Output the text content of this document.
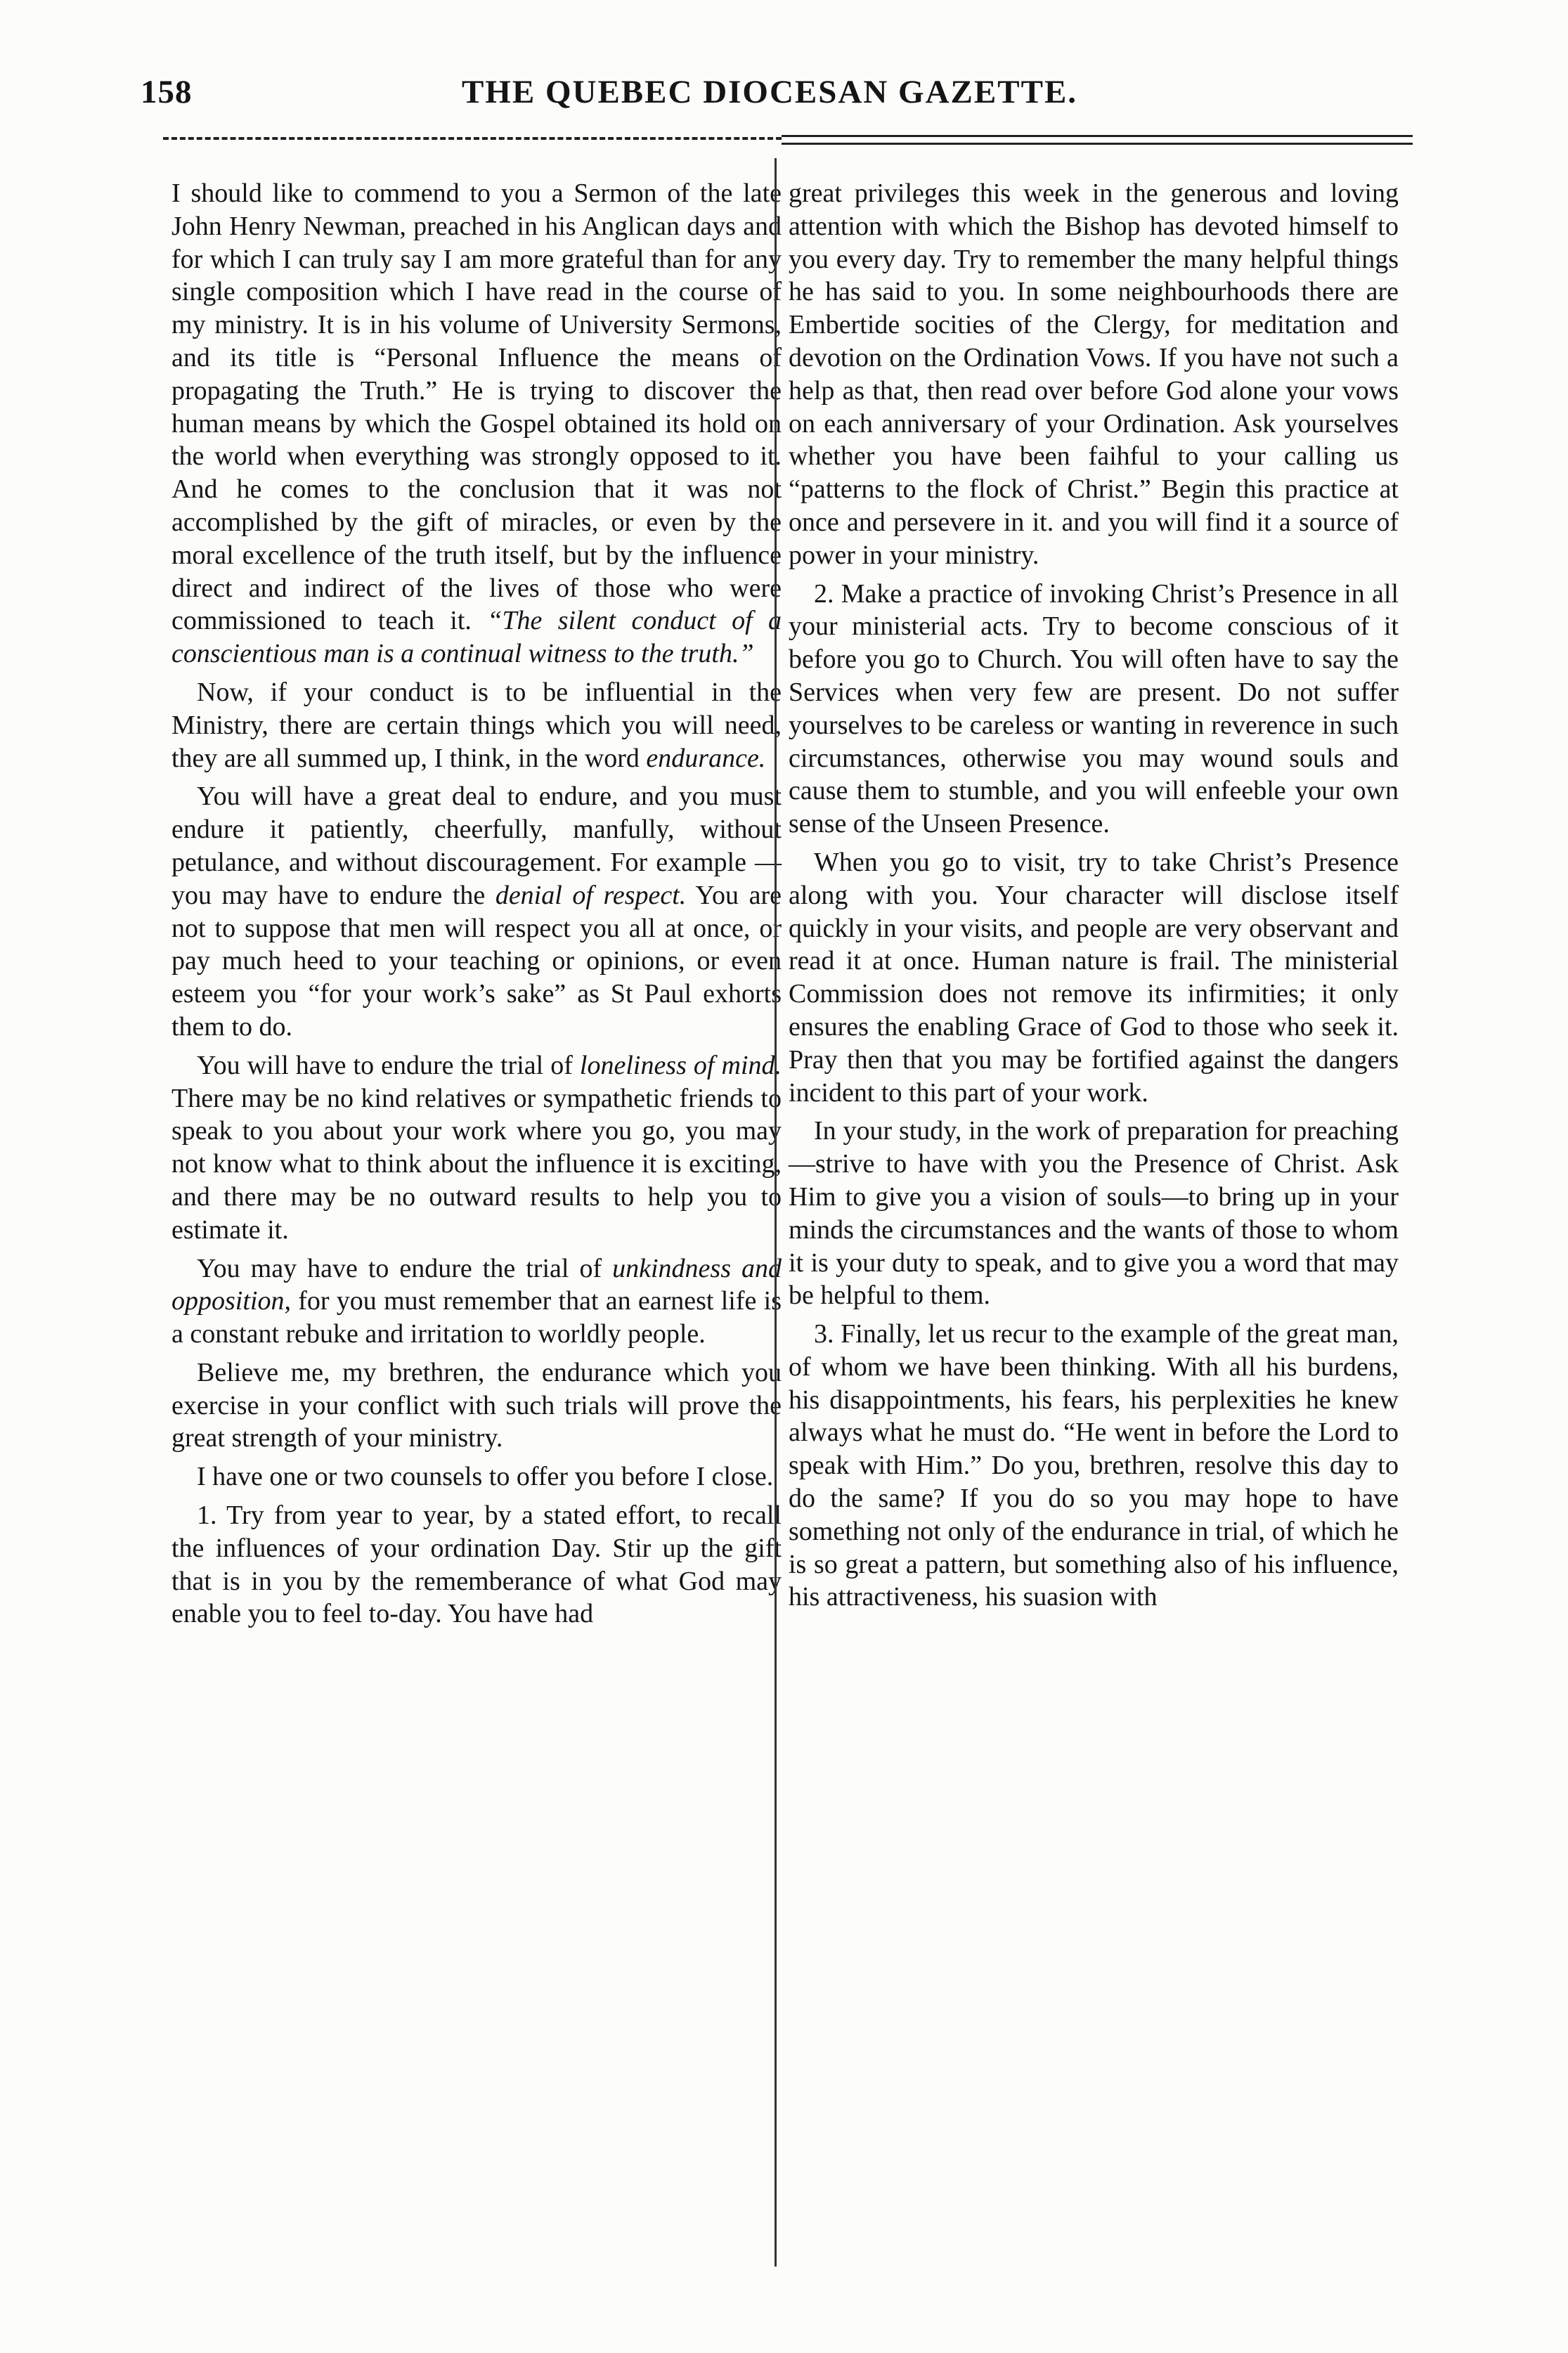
158	THE QUEBEC DIOCESAN GAZETTE.

I should like to commend to you a Sermon of the late John Henry Newman, preached in his Anglican days and for which I can truly say I am more grateful than for any single composition which I have read in the course of my ministry. It is in his volume of University Sermons, and its title is “Personal Influence the means of propagating the Truth.” He is trying to discover the human means by which the Gospel obtained its hold on the world when everything was strongly opposed to it. And he comes to the conclusion that it was not accomplished by the gift of miracles, or even by the moral excellence of the truth itself, but by the influence direct and indirect of the lives of those who were commissioned to teach it. “The silent conduct of a conscientious man is a continual witness to the truth.”

Now, if your conduct is to be influential in the Ministry, there are certain things which you will need, they are all summed up, I think, in the word endurance.

You will have a great deal to endure, and you must endure it patiently, cheerfully, manfully, without petulance, and without discouragement. For example —you may have to endure the denial of respect. You are not to suppose that men will respect you all at once, or pay much heed to your teaching or opinions, or even esteem you “for your work’s sake” as St Paul exhorts them to do.

You will have to endure the trial of loneliness of mind. There may be no kind relatives or sympathetic friends to speak to you about your work where you go, you may not know what to think about the influence it is exciting, and there may be no outward results to help you to estimate it.

You may have to endure the trial of unkindness and opposition, for you must remember that an earnest life is a constant rebuke and irritation to worldly people.

Believe me, my brethren, the endurance which you exercise in your conflict with such trials will prove the great strength of your ministry.

I have one or two counsels to offer you before I close.

1. Try from year to year, by a stated effort, to recall the influences of your ordination Day. Stir up the gift that is in you by the rememberance of what God may enable you to feel to-day. You have had

great privileges this week in the generous and loving attention with which the Bishop has devoted himself to you every day. Try to remember the many helpful things he has said to you. In some neighbourhoods there are Embertide socities of the Clergy, for meditation and devotion on the Ordination Vows. If you have not such a help as that, then read over before God alone your vows on each anniversary of your Ordination. Ask yourselves whether you have been faihful to your calling us “patterns to the flock of Christ.” Begin this practice at once and persevere in it. and you will find it a source of power in your ministry.

2. Make a practice of invoking Christ’s Presence in all your ministerial acts. Try to become conscious of it before you go to Church. You will often have to say the Services when very few are present. Do not suffer yourselves to be careless or wanting in reverence in such circumstances, otherwise you may wound souls and cause them to stumble, and you will enfeeble your own sense of the Unseen Presence.

When you go to visit, try to take Christ’s Presence along with you. Your character will disclose itself quickly in your visits, and people are very observant and read it at once. Human nature is frail. The ministerial Commission does not remove its infirmities; it only ensures the enabling Grace of God to those who seek it. Pray then that you may be fortified against the dangers incident to this part of your work.

In your study, in the work of preparation for preaching—strive to have with you the Presence of Christ. Ask Him to give you a vision of souls—to bring up in your minds the circumstances and the wants of those to whom it is your duty to speak, and to give you a word that may be helpful to them.

3. Finally, let us recur to the example of the great man, of whom we have been thinking. With all his burdens, his disappointments, his fears, his perplexities he knew always what he must do. “He went in before the Lord to speak with Him.” Do you, brethren, resolve this day to do the same? If you do so you may hope to have something not only of the endurance in trial, of which he is so great a pattern, but something also of his influence, his attractiveness, his suasion with
